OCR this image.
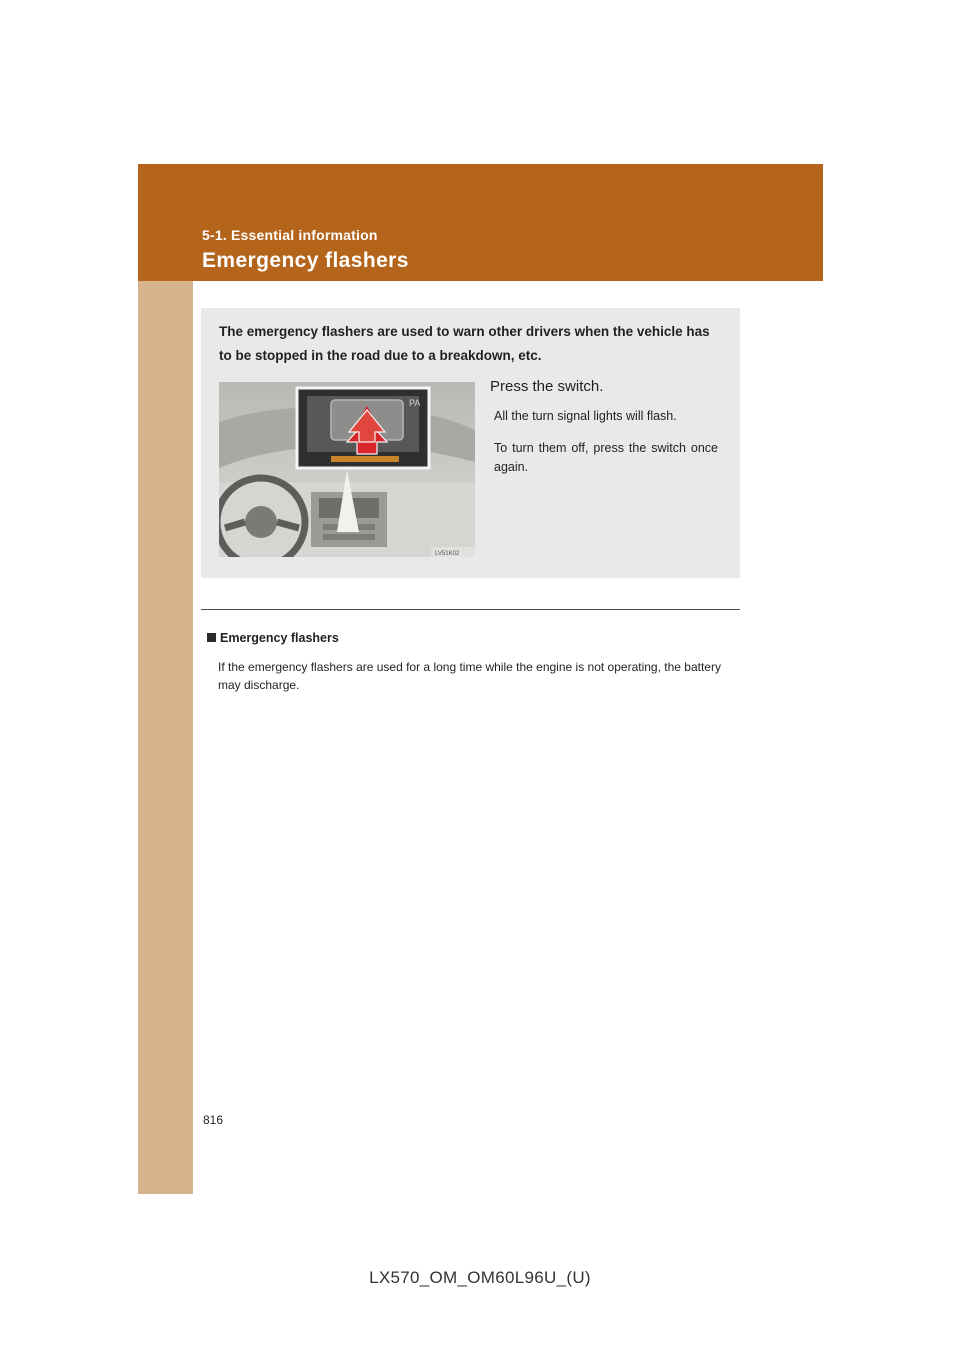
5-1. Essential information
Emergency flashers
The emergency flashers are used to warn other drivers when the vehicle has to be stopped in the road due to a breakdown, etc.
PA
LV51K02
Press the switch.
All the turn signal lights will flash.
To turn them off, press the switch once again.
Emergency flashers
If the emergency flashers are used for a long time while the engine is not operating, the battery may discharge.
816
LX570_OM_OM60L96U_(U)
